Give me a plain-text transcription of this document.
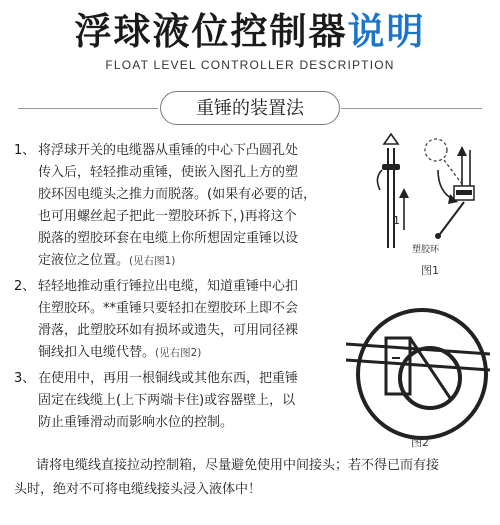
浮球液位控制器说明
FLOAT LEVEL CONTROLLER DESCRIPTION
重锤的装置法
1、 将浮球开关的电缆器从重锤的中心下凸圆孔处
传入后，轻轻推动重锤，使嵌入图孔上方的塑
胶环因电缆头之推力而脱落。(如果有必要的话，
也可用螺丝起子把此一塑胶环拆下，)再将这个
脱落的塑胶环套在电缆上你所想固定重锤以设
定液位之位置。(见右图1)
2、 轻轻地推动重行锤拉出电缆，知道重锤中心扣
住塑胶环。**重锤只要轻扣在塑胶环上即不会
滑落，此塑胶环如有损坏或遗失，可用同径裸
铜线扣入电缆代替。(见右图2)
3、 在使用中，再用一根铜线或其他东西，把重锤
固定在线缆上(上下两端卡住)或容器壁上，以
防止重锤滑动而影响水位的控制。
请将电缆线直接拉动控制箱，尽量避免使用中间接头；若不得已而有接
头时，绝对不可将电缆线接头浸入液体中！
1
塑胶环
图1
图2
